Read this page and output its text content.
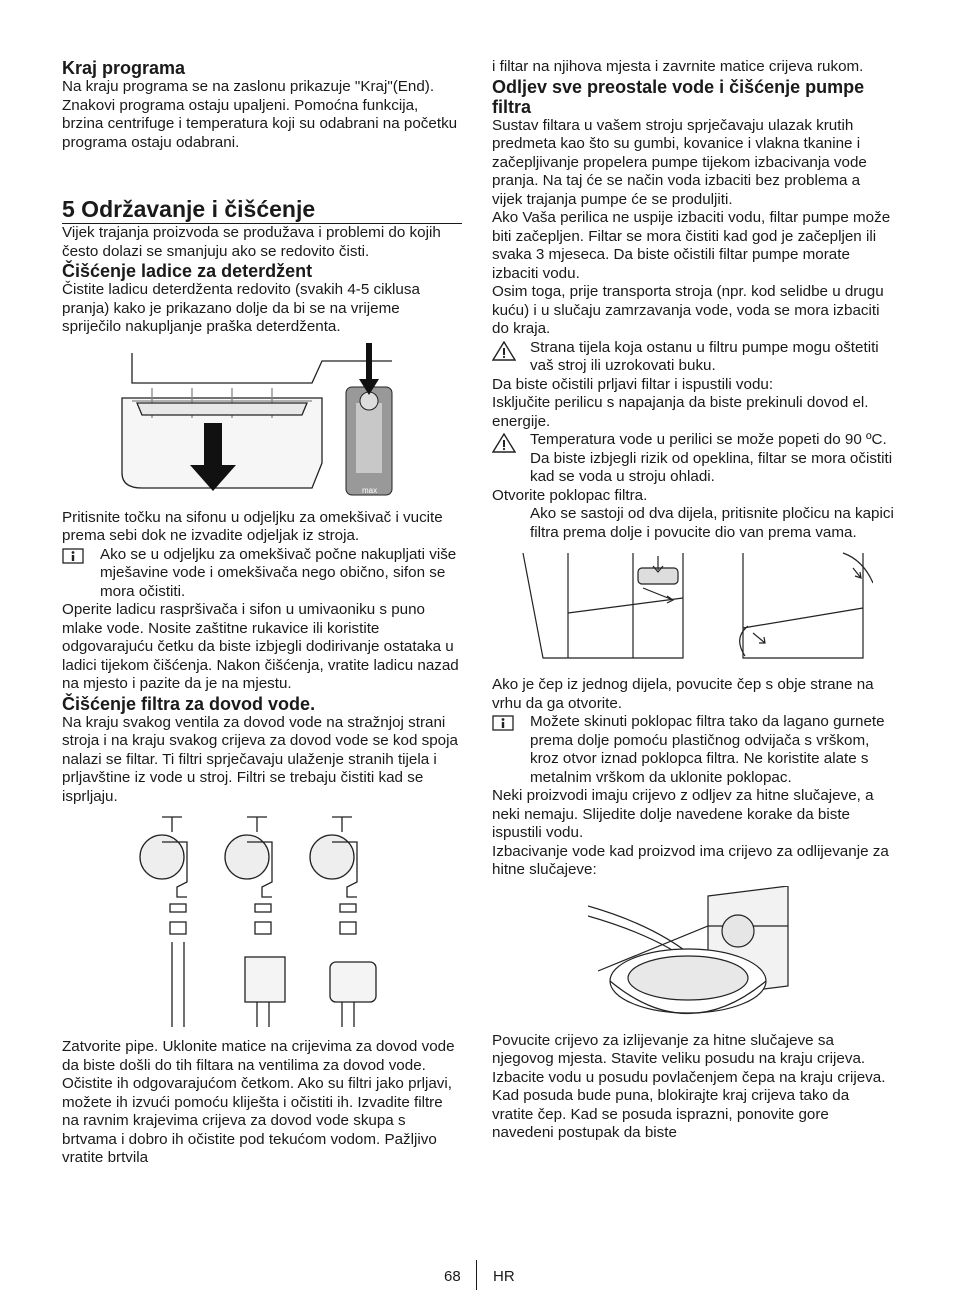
Kraj programa

Na kraju programa se na zaslonu prikazuje "Kraj"(End). Znakovi programa ostaju upaljeni. Pomoćna funkcija, brzina centrifuge i temperatura koji su odabrani na početku programa ostaju odabrani.

5 Održavanje i čišćenje

Vijek trajanja proizvoda se produžava i problemi do kojih često dolazi se smanjuju ako se redovito čisti.

Čišćenje ladice za deterdžent

Čistite ladicu deterdženta redovito (svakih 4-5 ciklusa pranja) kako je prikazano dolje da bi se na vrijeme spriječilo nakupljanje praška deterdženta.

max

Pritisnite točku na sifonu u odjeljku za omekšivač i vucite prema sebi dok ne izvadite odjeljak iz stroja.

Ako se u odjeljku za omekšivač počne nakupljati više mješavine vode i omekšivača nego obično, sifon se mora očistiti.

Operite ladicu raspršivača i sifon u umivaoniku s puno mlake vode. Nosite zaštitne rukavice ili koristite odgovarajuću četku da biste izbjegli dodirivanje ostataka u ladici tijekom čišćenja. Nakon čišćenja, vratite ladicu nazad na mjesto i pazite da je na mjestu.

Čišćenje filtra za dovod vode.

Na kraju svakog ventila za dovod vode na stražnjoj strani stroja i na kraju svakog crijeva za dovod vode se kod spoja nalazi se filtar. Ti filtri sprječavaju ulaženje stranih tijela i prljavštine iz vode u stroj. Filtri se trebaju čistiti kad se isprljaju.

Zatvorite pipe. Uklonite matice na crijevima za dovod vode da biste došli do tih filtara na ventilima za dovod vode. Očistite ih odgovarajućom četkom. Ako su filtri jako prljavi, možete ih izvući pomoću kliješta i očistiti ih. Izvadite filtre na ravnim krajevima crijeva za dovod vode skupa s brtvama i dobro ih očistite pod tekućom vodom. Pažljivo vratite brtvila

i filtar na njihova mjesta i zavrnite matice crijeva rukom.

Odljev sve preostale vode i čišćenje pumpe filtra

Sustav filtara u vašem stroju sprječavaju ulazak krutih predmeta kao što su gumbi, kovanice i vlakna tkanine i začepljivanje propelera pumpe tijekom izbacivanja vode pranja. Na taj će se način voda izbaciti bez problema a vijek trajanja pumpe će se produljiti.

Ako Vaša perilica ne uspije izbaciti vodu, filtar pumpe može biti začepljen. Filtar se mora čistiti kad god je začepljen ili svaka 3 mjeseca. Da biste očistili filtar pumpe morate izbaciti vodu.

Osim toga, prije transporta stroja (npr. kod selidbe u drugu kuću) i u slučaju zamrzavanja vode, voda se mora izbaciti do kraja.

Strana tijela koja ostanu u filtru pumpe mogu oštetiti vaš stroj ili uzrokovati buku.

Da biste očistili prljavi filtar i ispustili vodu:

Isključite perilicu s napajanja da biste prekinuli dovod el. energije.

Temperatura vode u perilici se može popeti do 90 ºC. Da biste izbjegli rizik od opeklina, filtar se mora očistiti kad se voda u stroju ohladi.

Otvorite poklopac filtra.

Ako se sastoji od dva dijela, pritisnite pločicu na kapici filtra prema dolje i povucite dio van prema vama.

Ako je čep iz jednog dijela, povucite čep s obje strane na vrhu da ga otvorite.

Možete skinuti poklopac filtra tako da lagano gurnete prema dolje pomoću plastičnog odvijača s vrškom, kroz otvor iznad poklopca filtra. Ne koristite alate s metalnim vrškom da uklonite poklopac.

Neki proizvodi imaju crijevo z odljev za hitne slučajeve, a neki nemaju. Slijedite dolje navedene korake da biste ispustili vodu.

Izbacivanje vode kad proizvod ima crijevo za odlijevanje za hitne slučajeve:

Povucite crijevo za izlijevanje za hitne slučajeve sa njegovog mjesta. Stavite veliku posudu na kraju crijeva. Izbacite vodu u posudu povlačenjem čepa na kraju crijeva. Kad posuda bude puna, blokirajte kraj crijeva tako da vratite čep. Kad se posuda isprazni, ponovite gore navedeni postupak da biste

68 HR
